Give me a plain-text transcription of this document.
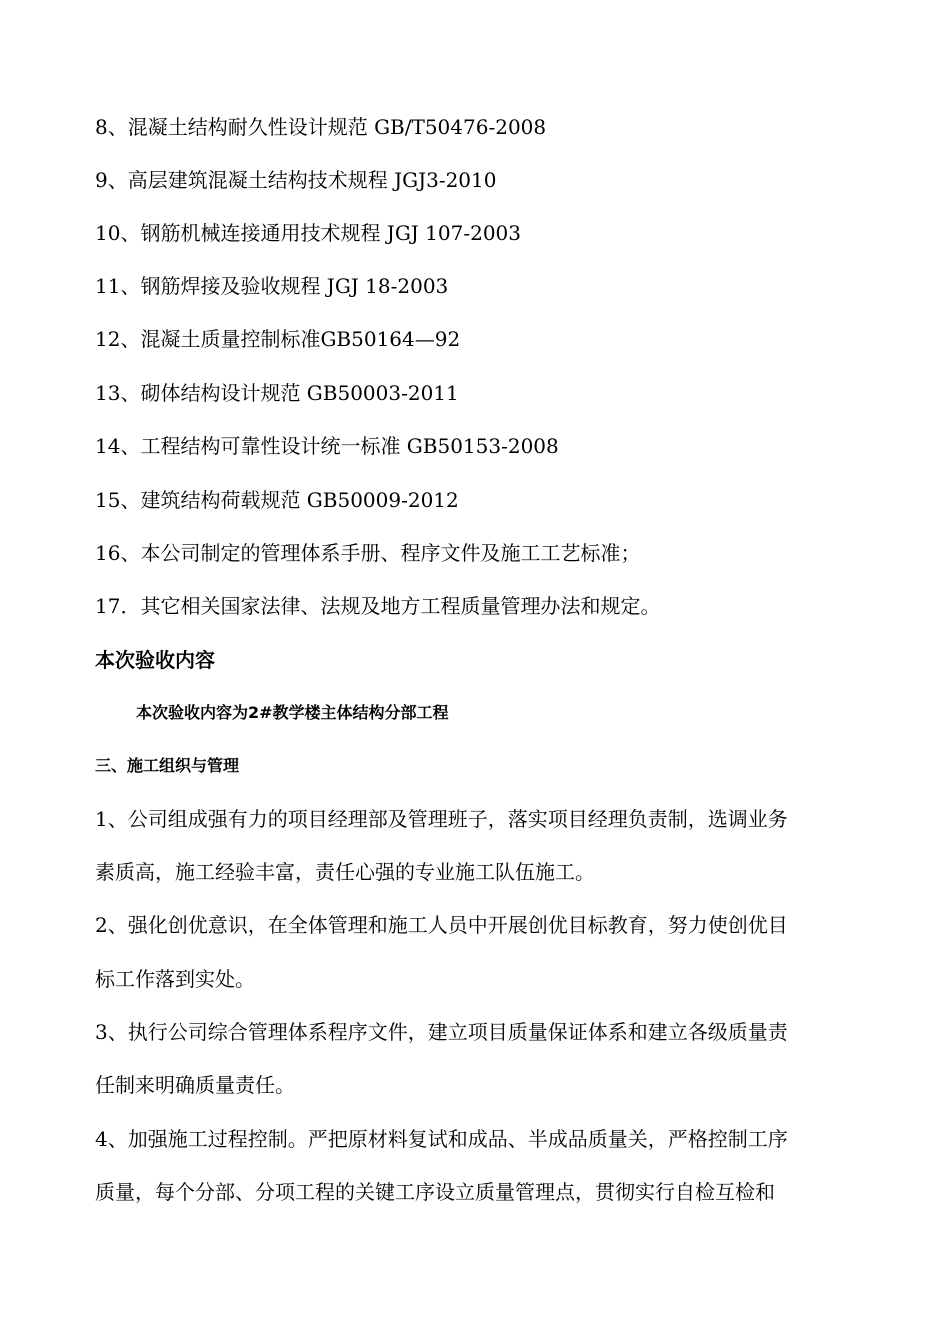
8、混凝土结构耐久性设计规范 GB/T50476-2008
9、高层建筑混凝土结构技术规程 JGJ3-2010
10、钢筋机械连接通用技术规程 JGJ 107-2003
11、钢筋焊接及验收规程 JGJ 18-2003
12、混凝土质量控制标准GB50164—92
13、砌体结构设计规范 GB50003-2011
14、工程结构可靠性设计统一标准 GB50153-2008
15、建筑结构荷载规范 GB50009-2012
16、本公司制定的管理体系手册、程序文件及施工工艺标准；
17．其它相关国家法律、法规及地方工程质量管理办法和规定。
本次验收内容
本次验收内容为2#教学楼主体结构分部工程
三、施工组织与管理
1、公司组成强有力的项目经理部及管理班子，落实项目经理负责制，选调业务
素质高，施工经验丰富，责任心强的专业施工队伍施工。
2、强化创优意识，在全体管理和施工人员中开展创优目标教育，努力使创优目
标工作落到实处。
3、执行公司综合管理体系程序文件，建立项目质量保证体系和建立各级质量责
任制来明确质量责任。
4、加强施工过程控制。严把原材料复试和成品、半成品质量关，严格控制工序
质量，每个分部、分项工程的关键工序设立质量管理点，贯彻实行自检互检和
